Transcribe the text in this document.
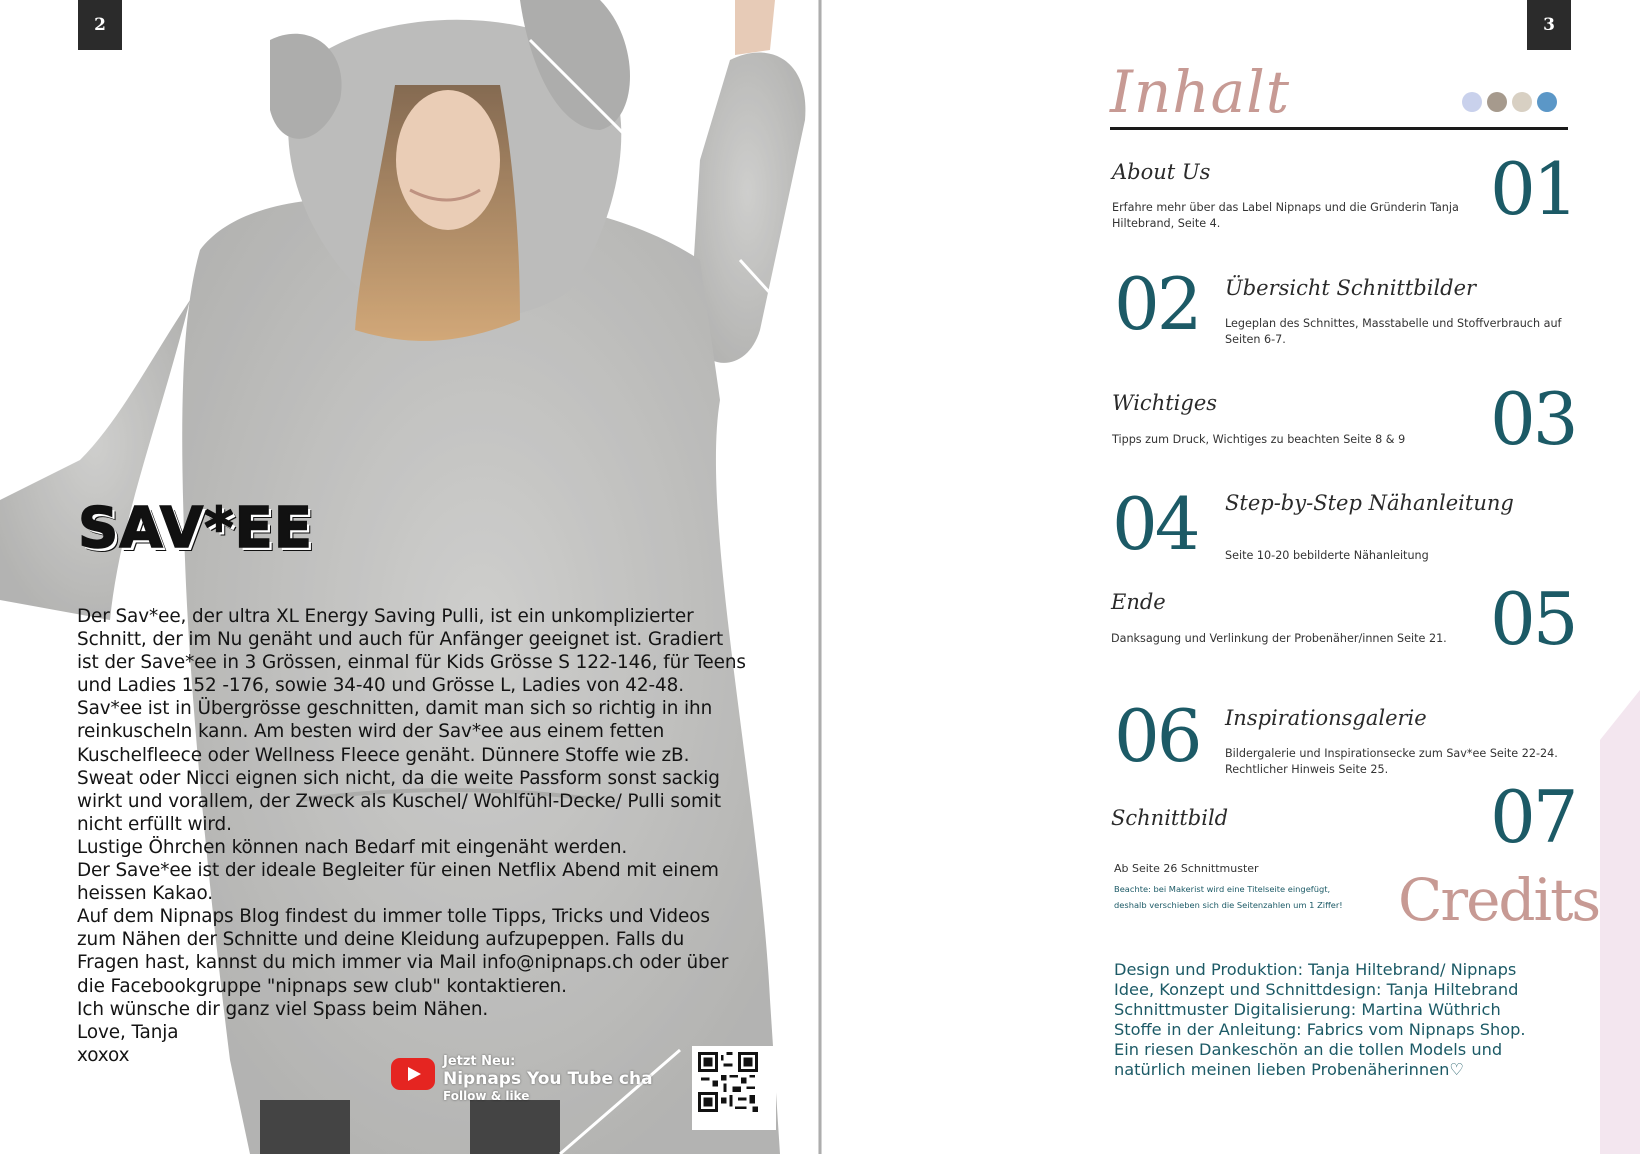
2
SAV*EE
Der Sav*ee, der ultra XL Energy Saving Pulli, ist ein unkomplizierter
Schnitt, der im Nu genäht und auch für Anfänger geeignet ist. Gradiert
ist der Save*ee in 3 Grössen, einmal für Kids Grösse S 122-146, für Teens
und Ladies 152 -176, sowie 34-40 und Grösse L, Ladies von 42-48.
Sav*ee ist in Übergrösse geschnitten, damit man sich so richtig in ihn
reinkuscheln kann. Am besten wird der Sav*ee aus einem fetten
Kuschelfleece oder Wellness Fleece genäht. Dünnere Stoffe wie zB.
Sweat oder Nicci eignen sich nicht, da die weite Passform sonst sackig
wirkt und vorallem, der Zweck als Kuschel/ Wohlfühl-Decke/ Pulli somit
nicht erfüllt wird.
Lustige Öhrchen können nach Bedarf mit eingenäht werden.
Der Save*ee ist der ideale Begleiter für einen Netflix Abend mit einem
heissen Kakao.
Auf dem Nipnaps Blog findest du immer tolle Tipps, Tricks und Videos
zum Nähen der Schnitte und deine Kleidung aufzupeppen. Falls du
Fragen hast, kannst du mich immer via Mail info@nipnaps.ch oder über
die Facebookgruppe "nipnaps sew club" kontaktieren.
Ich wünsche dir ganz viel Spass beim Nähen.
Love, Tanja
xoxox	Jetzt Neu:
Nipnaps You Tube cha
Follow & like
3
Inhalt
About Us
Erfahre mehr über das Label Nipnaps und die Gründerin Tanja Hiltebrand, Seite 4.	01
02 Übersicht Schnittbilder
Legeplan des Schnittes, Masstabelle und Stoffverbrauch auf Seiten 6-7.
Wichtiges
Tipps zum Druck, Wichtiges zu beachten Seite 8 & 9	03
04 Step-by-Step Nähanleitung
Seite 10-20 bebilderte Nähanleitung
Ende
Danksagung und Verlinkung der Probenäher/innen Seite 21. 05
06 Inspirationsgalerie
Bildergalerie und Inspirationsecke zum Sav*ee Seite 22-24. Rechtlicher Hinweis Seite 25.
Schnittbild	07
Ab Seite 26 Schnittmuster
Beachte: bei Makerist wird eine Titelseite eingefügt, deshalb verschieben sich die Seitenzahlen um 1 Ziffer! Credits
Design und Produktion: Tanja Hiltebrand/ Nipnaps
Idee, Konzept und Schnittdesign: Tanja Hiltebrand
Schnittmuster Digitalisierung: Martina Wüthrich
Stoffe in der Anleitung: Fabrics vom Nipnaps Shop.
Ein riesen Dankeschön an die tollen Models und
natürlich meinen lieben Probenäherinnen♡
